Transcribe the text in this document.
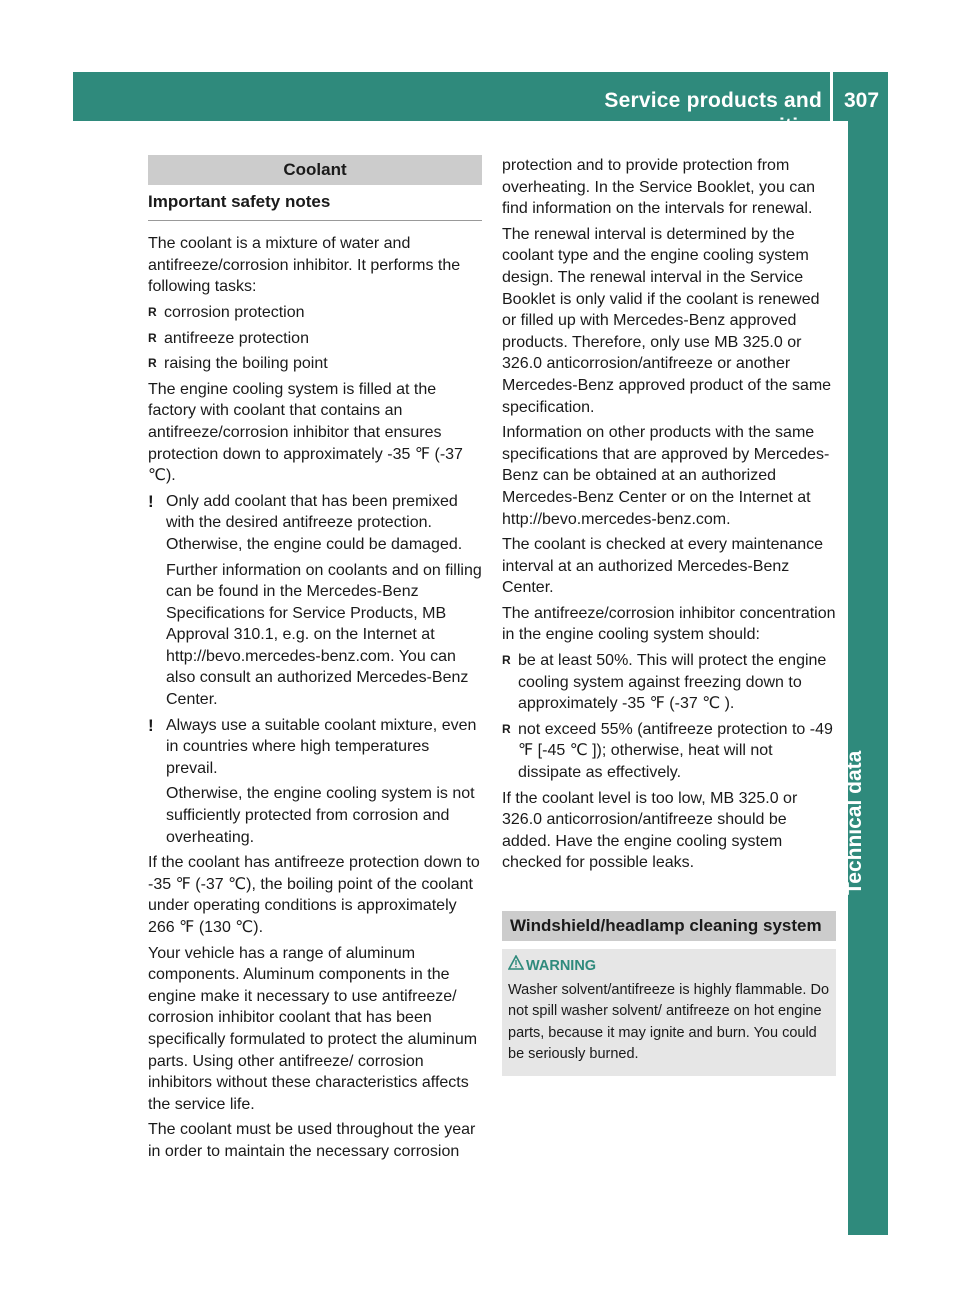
Service products and capacities
307
Technical data
Coolant
Important safety notes

The coolant is a mixture of water and antifreeze/corrosion inhibitor. It performs the following tasks:

R corrosion protection
R antifreeze protection
R raising the boiling point

The engine cooling system is filled at the factory with coolant that contains an antifreeze/corrosion inhibitor that ensures protection down to approximately -35 ℉ (-37 ℃).

! Only add coolant that has been premixed with the desired antifreeze protection. Otherwise, the engine could be damaged.

Further information on coolants and on filling can be found in the Mercedes-Benz Specifications for Service Products, MB Approval 310.1, e.g. on the Internet at http://bevo.mercedes-benz.com. You can also consult an authorized Mercedes-Benz Center.

! Always use a suitable coolant mixture, even in countries where high temperatures prevail.

Otherwise, the engine cooling system is not sufficiently protected from corrosion and overheating.

If the coolant has antifreeze protection down to -35 ℉ (-37 ℃), the boiling point of the coolant under operating conditions is approximately 266 ℉ (130 ℃).

Your vehicle has a range of aluminum components. Aluminum components in the engine make it necessary to use antifreeze/ corrosion inhibitor coolant that has been specifically formulated to protect the aluminum parts. Using other antifreeze/ corrosion inhibitors without these characteristics affects the service life.

The coolant must be used throughout the year in order to maintain the necessary corrosion

protection and to provide protection from overheating. In the Service Booklet, you can find information on the intervals for renewal.

The renewal interval is determined by the coolant type and the engine cooling system design. The renewal interval in the Service Booklet is only valid if the coolant is renewed or filled up with Mercedes-Benz approved products. Therefore, only use MB 325.0 or 326.0 anticorrosion/antifreeze or another Mercedes-Benz approved product of the same specification.

Information on other products with the same specifications that are approved by Mercedes-Benz can be obtained at an authorized Mercedes-Benz Center or on the Internet at http://bevo.mercedes-benz.com.

The coolant is checked at every maintenance interval at an authorized Mercedes-Benz Center.

The antifreeze/corrosion inhibitor concentration in the engine cooling system should:

R be at least 50%. This will protect the engine cooling system against freezing down to approximately -35 ℉ (-37 ℃ ).
R not exceed 55% (antifreeze protection to -49 ℉ [-45 ℃ ]); otherwise, heat will not dissipate as effectively.

If the coolant level is too low, MB 325.0 or 326.0 anticorrosion/antifreeze should be added. Have the engine cooling system checked for possible leaks.

Windshield/headlamp cleaning system
WARNING
Washer solvent/antifreeze is highly flammable. Do not spill washer solvent/ antifreeze on hot engine parts, because it may ignite and burn. You could be seriously burned.
